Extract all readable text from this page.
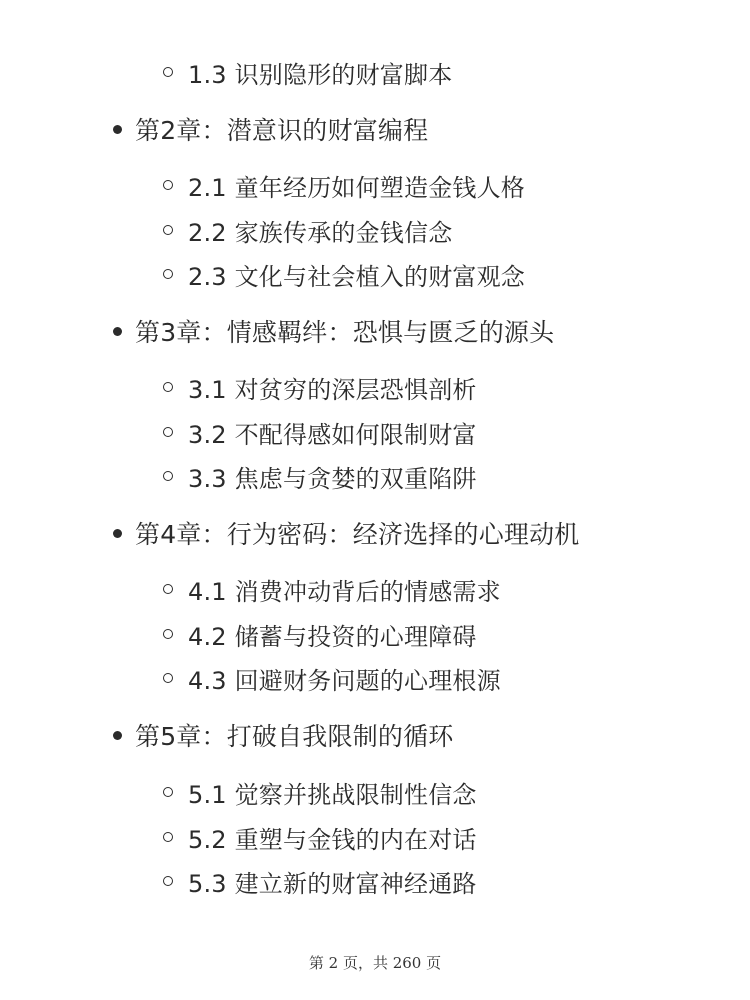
1.3 识别隐形的财富脚本
第2章：潜意识的财富编程
2.1 童年经历如何塑造金钱人格
2.2 家族传承的金钱信念
2.3 文化与社会植入的财富观念
第3章：情感羁绊：恐惧与匮乏的源头
3.1 对贫穷的深层恐惧剖析
3.2 不配得感如何限制财富
3.3 焦虑与贪婪的双重陷阱
第4章：行为密码：经济选择的心理动机
4.1 消费冲动背后的情感需求
4.2 储蓄与投资的心理障碍
4.3 回避财务问题的心理根源
第5章：打破自我限制的循环
5.1 觉察并挑战限制性信念
5.2 重塑与金钱的内在对话
5.3 建立新的财富神经通路
第 2 页，共 260 页
